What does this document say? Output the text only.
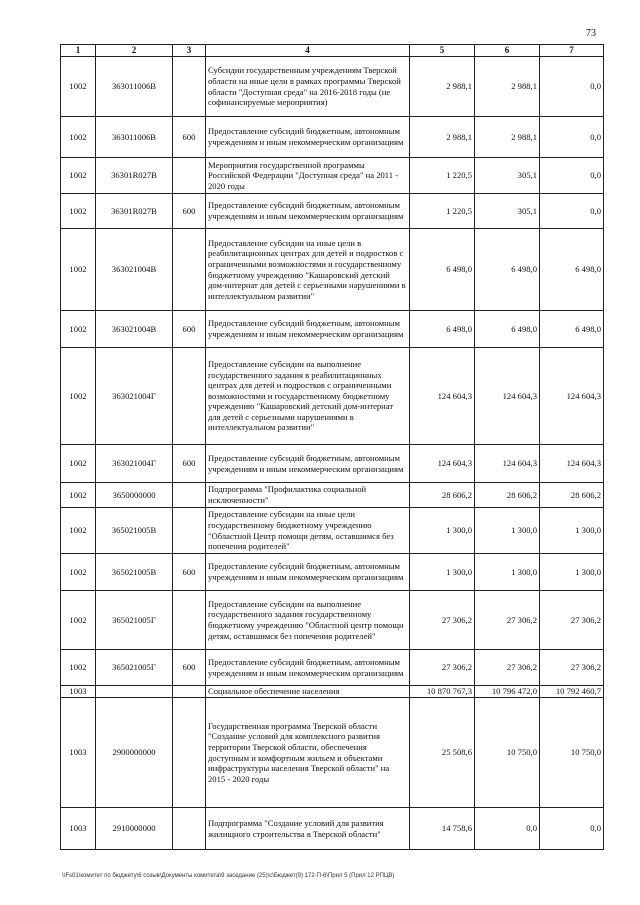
73
1	2	3	4	5	6	7
1002	363011006В		Субсидии государственным учреждениям Тверской области на иные цели в рамках программы Тверской области "Доступная среда" на 2016-2018 годы (не софинансируемые мероприятия)	2 988,1	2 988,1	0,0
1002	363011006В	600	Предоставление субсидий бюджетным, автономным учреждениям и иным некоммерческим организациям	2 988,1	2 988,1	0,0
1002	36301R027В		Мероприятия государственной программы Российской Федерации "Доступная среда" на 2011 - 2020 годы	1 220,5	305,1	0,0
1002	36301R027В	600	Предоставление субсидий бюджетным, автономным учреждениям и иным некоммерческим организациям	1 220,5	305,1	0,0
1002	363021004В		Предоставление субсидии на иные цели в реабилитационных центрах для детей и подростков с ограниченными возможностями и государственному бюджетному учреждению "Кашаровский детский дом-интернат для детей с серьезными нарушениями в интеллектуальном развитии"	6 498,0	6 498,0	6 498,0
1002	363021004В	600	Предоставление субсидий бюджетным, автономным учреждениям и иным некоммерческим организациям	6 498,0	6 498,0	6 498,0
1002	363021004Г		Предоставление субсидии на выполнение государственного задания в реабилитационных центрах для детей и подростков с ограниченными возможностями и государственному бюджетному учреждению "Кашаровский детский дом-интернат для детей с серьезными нарушениями в интеллектуальном развитии"	124 604,3	124 604,3	124 604,3
1002	363021004Г	600	Предоставление субсидий бюджетным, автономным учреждениям и иным некоммерческим организациям	124 604,3	124 604,3	124 604,3
1002	3650000000		Подпрограмма "Профилактика социальной исключенности"	28 606,2	28 606,2	28 606,2
1002	365021005В		Предоставление субсидии на иные цели государственному бюджетному учреждению "Областной Центр помощи детям, оставшимся без попечения родителей"	1 300,0	1 300,0	1 300,0
1002	365021005В	600	Предоставление субсидий бюджетным, автономным учреждениям и иным некоммерческим организациям	1 300,0	1 300,0	1 300,0
1002	365021005Г		Предоставление субсидии на выполнение государственного задания государственному бюджетному учреждению "Областной центр помощи детям, оставшимся без попечения родителей"	27 306,2	27 306,2	27 306,2
1002	365021005Г	600	Предоставление субсидий бюджетным, автономным учреждениям и иным некоммерческим организациям	27 306,2	27 306,2	27 306,2
1003			Социальное обеспечение населения	10 870 767,3	10 796 472,0	10 792 460,7
1003	2900000000		Государственная программа Тверской области "Создание условий для комплексного развития территории Тверской области, обеспечения доступным и комфортным жильем и объектами инфраструктуры населения Тверской области" на 2015 - 2020 годы	25 508,6	10 750,0	10 750,0
1003	2910000000		Подпрограмма "Создание условий для развития жилищного строительства в Тверской области"	14 758,6	0,0	0,0
\\Fs01\комитет по бюджету\6 созыв\Документы комитета\9 заседание (25)\с\Бюджет(9) 172-П-6\Прил 5 (Прил 12 РПЦВ)
